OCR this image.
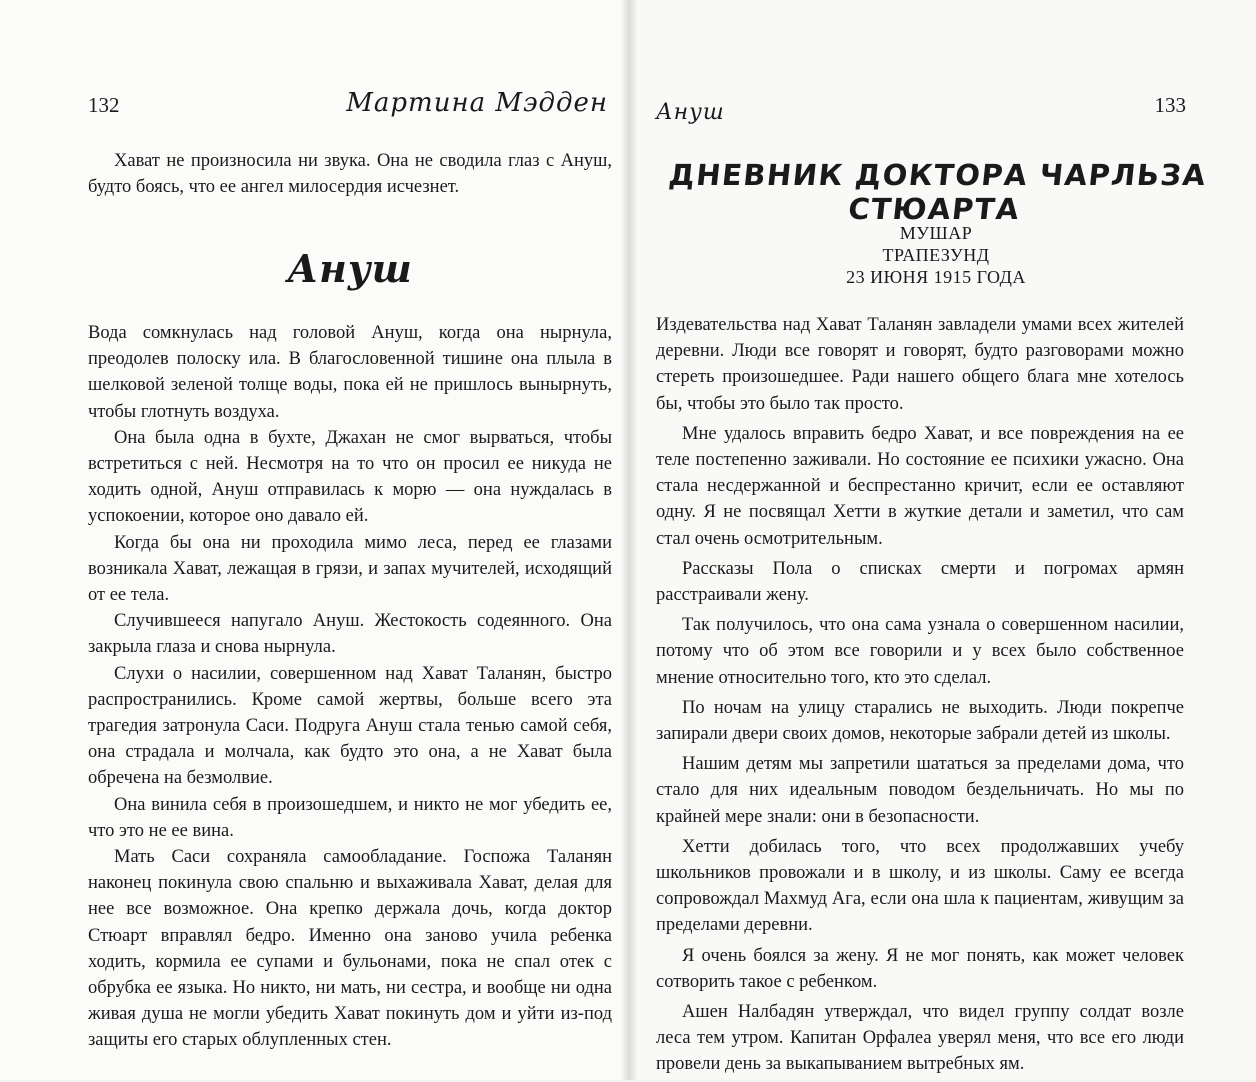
132	Мартина Мэдден

Хават не произносила ни звука. Она не сводила глаз с Ануш, будто боясь, что ее ангел милосердия исчезнет.

Ануш

Вода сомкнулась над головой Ануш, когда она нырнула, преодолев полоску ила. В благословенной тишине она плыла в шелковой зеленой толще воды, пока ей не пришлось вынырнуть, чтобы глотнуть воздуха.

Она была одна в бухте, Джахан не смог вырваться, чтобы встретиться с ней. Несмотря на то что он просил ее никуда не ходить одной, Ануш отправилась к морю — она нуждалась в успокоении, которое оно давало ей.

Когда бы она ни проходила мимо леса, перед ее глазами возникала Хават, лежащая в грязи, и запах мучителей, исходящий от ее тела.

Случившееся напугало Ануш. Жестокость содеянного. Она закрыла глаза и снова нырнула.

Слухи о насилии, совершенном над Хават Таланян, быстро распространились. Кроме самой жертвы, больше всего эта трагедия затронула Саси. Подруга Ануш стала тенью самой себя, она страдала и молчала, как будто это она, а не Хават была обречена на безмолвие.

Она винила себя в произошедшем, и никто не мог убедить ее, что это не ее вина.

Мать Саси сохраняла самообладание. Госпожа Таланян наконец покинула свою спальню и выхаживала Хават, делая для нее все возможное. Она крепко держала дочь, когда доктор Стюарт вправлял бедро. Именно она заново учила ребенка ходить, кормила ее супами и бульонами, пока не спал отек с обрубка ее языка. Но никто, ни мать, ни сестра, и вообще ни одна живая душа не могли убедить Хават покинуть дом и уйти из-под защиты его старых облупленных стен.

Ануш	133
ДНЕВНИК ДОКТОРА ЧАРЛЬЗА СТЮАРТА
МУШАР
ТРАПЕЗУНД
23 ИЮНЯ 1915 ГОДА

Издевательства над Хават Таланян завладели умами всех жителей деревни. Люди все говорят и говорят, будто разговорами можно стереть произошедшее. Ради нашего общего блага мне хотелось бы, чтобы это было так просто.

Мне удалось вправить бедро Хават, и все повреждения на ее теле постепенно заживали. Но состояние ее психики ужасно. Она стала несдержанной и беспрестанно кричит, если ее оставляют одну. Я не посвящал Хетти в жуткие детали и заметил, что сам стал очень осмотрительным.

Рассказы Пола о списках смерти и погромах армян расстраивали жену.

Так получилось, что она сама узнала о совершенном насилии, потому что об этом все говорили и у всех было собственное мнение относительно того, кто это сделал.

По ночам на улицу старались не выходить. Люди покрепче запирали двери своих домов, некоторые забрали детей из школы.

Нашим детям мы запретили шататься за пределами дома, что стало для них идеальным поводом бездельничать. Но мы по крайней мере знали: они в безопасности.

Хетти добилась того, что всех продолжавших учебу школьников провожали и в школу, и из школы. Саму ее всегда сопровождал Махмуд Ага, если она шла к пациентам, живущим за пределами деревни.

Я очень боялся за жену. Я не мог понять, как может человек сотворить такое с ребенком.

Ашен Налбадян утверждал, что видел группу солдат возле леса тем утром. Капитан Орфалеа уверял меня, что все его люди провели день за выкапыванием вытребных ям.
